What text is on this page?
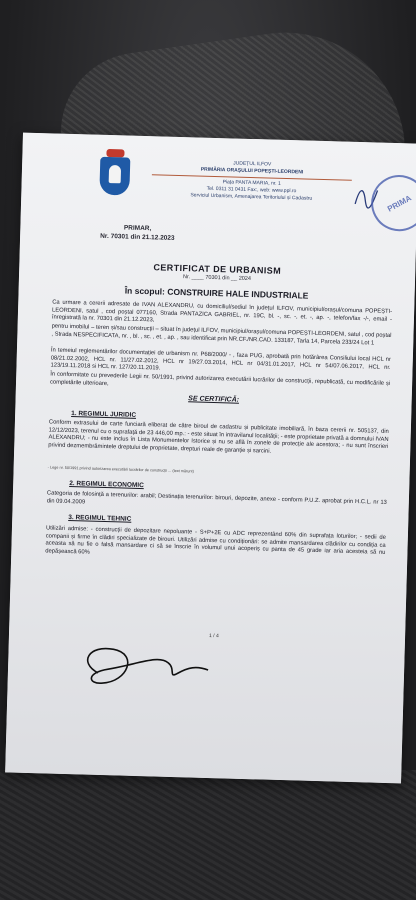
JUDEȚUL ILFOV
PRIMĂRIA ORAȘULUI POPEȘTI-LEORDENI
Piața PANTA MARIA, nr. 1
Tel. 0311 31 0431 Fax:, web: www.ppl.ro
Serviciul Urbanism, Amenajarea Teritoriului și Cadastru	PRIMA
PRIMAR,
Nr. 70301 din 21.12.2023
CERTIFICAT DE URBANISM
Nr. ____ 70301 din __ 2024
În scopul: CONSTRUIRE HALE INDUSTRIALE
Ca urmare a cererii adresate de IVAN ALEXANDRU, cu domiciliul/sediul în județul ILFOV, municipiul/orașul/comuna POPEȘTI-LEORDENI, satul , cod poștal 077160, Strada PANTAZICA GABRIEL, nr. 19C, bl. -, sc. -, et. -, ap. -, telefon/fax -/-, email - înregistrată la nr. 70301 din 21.12.2023,
pentru imobilul – teren și/sau construcții – situat în județul ILFOV, municipiul/orașul/comuna POPEȘTI-LEORDENI, satul , cod poștal , Strada NESPECIFICATA, nr. , bl. , sc. , et. , ap. , sau identificat prin NR.CF./NR.CAD. 133187, Tarla 14, Parcela 233/24 Lot 1
În temeiul reglementărilor documentației de urbanism nr. P68/2000/ - , faza PUG, aprobată prin hotărârea Consiliului local HCL nr 08/21.02.2002, HCL nr. 11/27.02.2012, HCL nr 19/27.03.2014, HCL nr 04/31.01.2017, HCL nr 54/07.06.2017, HCL nr. 123/19.11.2018 si HCL nr. 127/20.11.2019.
În conformitate cu prevederile Legii nr. 50/1991, privind autorizarea executării lucrărilor de construcții, republicată, cu modificările și completările ulterioare,
SE CERTIFICĂ:
1. REGIMUL JURIDIC
Conform extrasului de carte funciară eliberat de către biroul de cadastru și publicitate imobiliară, în baza cererii nr. 505137, din 12/12/2023, terenul cu o suprafață de 23 446,00 mp.: - este situat în intravilanul localității; - este proprietate privată a domnului IVAN ALEXANDRU; - nu este inclus în Lista Monumentelor Istorice și nu se află în zonele de protecție ale acestora; - nu sunt înscrieri privind dezmembrămintele dreptului de proprietate, drepturi reale de garanție și sarcini.
- Lege nr. 50/1991 privind autorizarea executării lucrărilor de construcții ... (text mărunt)
2. REGIMUL ECONOMIC
Categoria de folosință a terenurilor: arabil; Destinația terenurilor: birouri, depozite, anexe - conform P.U.Z. aprobat prin H.C.L. nr 13 din 09.04.2009
3. REGIMUL TEHNIC
Utilizări admise: - construcții de depozitare nepoluante - S+P+2E cu ADC reprezentând 60% din suprafața loturilor; - sedii de companii și firme în clădiri specializate de birouri. Utilizări admise cu condiționări: se admite mansardarea clădirilor cu condiția ca aceasta să nu fie o falsă mansardare ci să se înscrie în volumul unui acoperiș cu panta de 45 grade iar aria acesteia să nu depășească 60%
1 / 4
